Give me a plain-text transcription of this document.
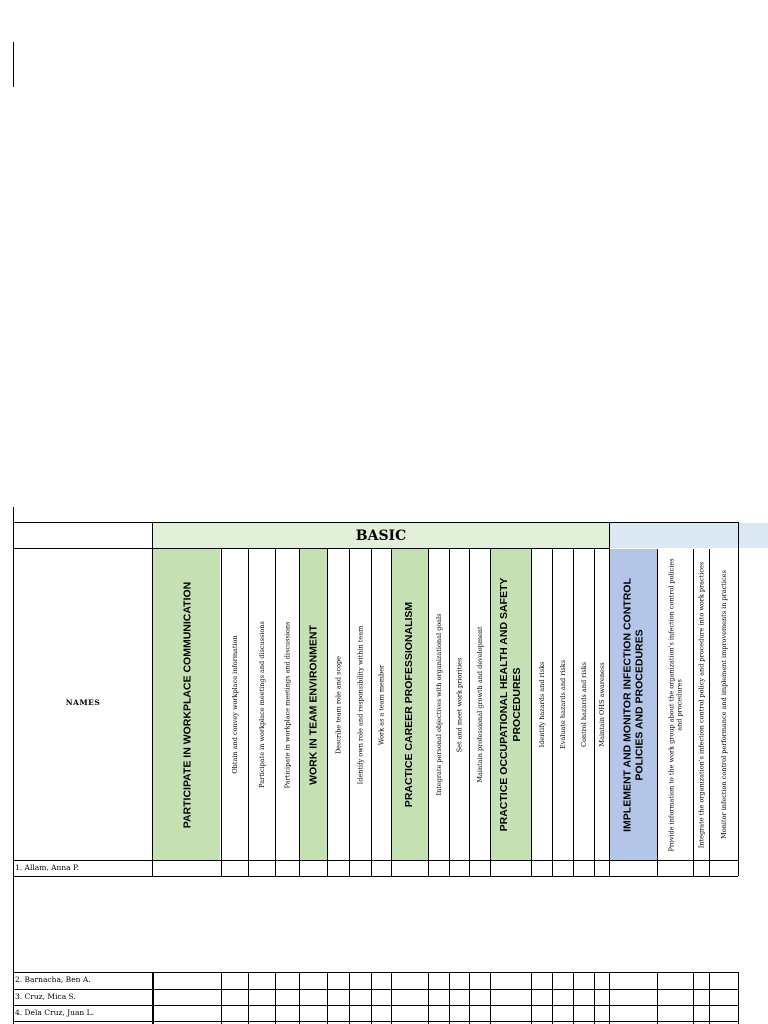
BASIC
NAMES	PARTICIPATE IN WORKPLACE COMMUNICATION	Obtain and convey workplace information	Participate in workplace meetings and discussions	Participate in workplace meetings and discussions	WORK IN TEAM ENVIRONMENT	Describe team role and scope	Identify own role and responsibility within team	Work as a team member	PRACTICE CAREER PROFESSIONALISM	Integrate personal objectives with organizational goals	Set and meet work priorities	Maintain professional growth and development	PRACTICE OCCUPATIONAL HEALTH AND SAFETY PROCEDURES	Identify hazards and risks	Evaluate hazards and risks	Control hazards and risks	Maintain OHS awareness	IMPLEMENT AND MONITOR INFECTION CONTROL POLICIES AND PROCEDURES	Provide information to the work group about the organization's infection control policies and procedures	Integrate the organization's infection control policy and procedure into work practices	Monitor infection control performance and implement improvements in practices
1. Allam, Anna P.
2. Barnacha, Ben A.
3. Cruz, Mica S.
4. Dela Cruz, Juan L.
